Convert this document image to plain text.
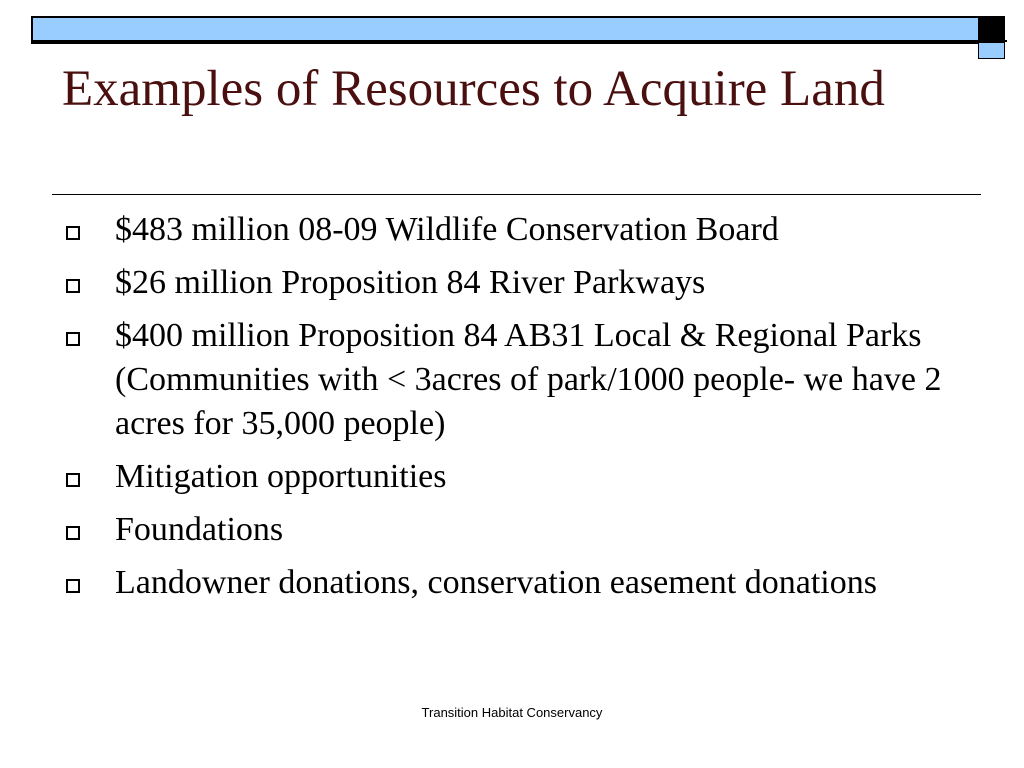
Examples of Resources to Acquire Land
$483 million 08-09 Wildlife Conservation Board
$26 million Proposition 84 River Parkways
$400 million Proposition 84 AB31 Local & Regional Parks (Communities with < 3acres of park/1000 people- we have 2 acres for 35,000 people)
Mitigation opportunities
Foundations
Landowner donations, conservation easement donations
Transition Habitat Conservancy
